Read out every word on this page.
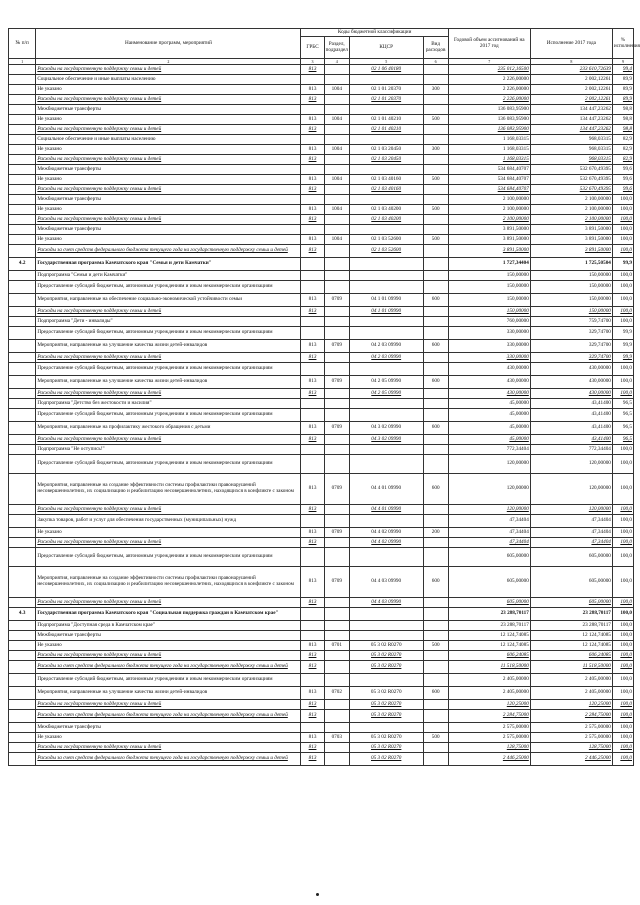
№ п/п	Наименование программ, мероприятий	Коды бюджетной классификации				Годовой объем ассигнований на 2017 год	Исполнение 2017 года	% исполнения
		ГРБС	Раздел, подраздел	КЦСР	Вид расходов			
1	2	3	4	5	6	7	8	9
	Расходы на государственную поддержку семьи и детей	813		02 1 06 40180		235 012,16500	233 610,72639	99,4
	Социальное обеспечение и иные выплаты населению					2 226,00000	2 002,12261	89,9
	Не указано	813	1004	02 1 01 20370	300	2 226,00000	2 002,12261	89,9
	Расходы на государственную поддержку семьи и детей	813		02 1 01 20370		2 226,00000	2 002,12261	89,9
	Межбюджетные трансферты					136 083,95900	134 447,23262	98,8
	Не указано	813	1004	02 1 01 40210	500	136 083,95900	134 447,23262	98,8
	Расходы на государственную поддержку семьи и детей	813		02 1 01 40210		136 083,95900	134 447,23262	98,8
	Социальное обеспечение и иные выплаты населению					1 168,03315	968,03315	82,9
	Не указано	813	1004	02 1 03 20450	300	1 168,03315	968,03315	82,9
	Расходы на государственную поддержку семьи и детей	813		02 1 03 20450		1 168,03315	968,03315	82,9
	Межбюджетные трансферты					534 684,40707	532 670,49395	99,6
	Не указано	813	1004	02 1 03 40160	500	534 684,40707	532 670,49395	99,6
	Расходы на государственную поддержку семьи и детей	813		02 1 03 40160		534 684,40707	532 670,49395	99,6
	Межбюджетные трансферты					2 100,00000	2 100,00000	100,0
	Не указано	813	1004	02 1 03 40200	500	2 100,00000	2 100,00000	100,0
	Расходы на государственную поддержку семьи и детей	813		02 1 03 40200		2 100,00000	2 100,00000	100,0
	Межбюджетные трансферты					3 891,50000	3 891,50000	100,0
	Не указано	813	1004	02 1 03 52600	500	3 891,50000	3 891,50000	100,0
	Расходы за счет средств федерального бюджета текущего года на государственную поддержку семьи и детей	813		02 1 03 52600		3 891,50000	3 891,50000	100,0
4.2	Государственная программа Камчатского края "Семья и дети Камчатки"					1 727,34404	1 725,50504	99,9
	Подпрограмма "Семья и дети Камчатки"					150,00000	150,00000	100,0
	Предоставление субсидий бюджетным, автономным учреждениям и иным некоммерческим организациям					150,00000	150,00000	100,0
	Мероприятия, направленные на обеспечение социально-экономической устойчивости семьи	813	0709	04 1 01 09990	600	150,00000	150,00000	100,0
	Расходы на государственную поддержку семьи и детей	813		04 1 01 09990		150,00000	150,00000	100,0
	Подпрограмма "Дети - инвалиды"					760,00000	759,74700	100,0
	Предоставление субсидий бюджетным, автономным учреждениям и иным некоммерческим организациям					330,00000	329,74700	99,9
	Мероприятия, направленные на улучшение качества жизни детей-инвалидов	813	0709	04 2 03 09990	600	330,00000	329,74700	99,9
	Расходы на государственную поддержку семьи и детей	813		04 2 03 09990		330,00000	329,74700	99,9
	Предоставление субсидий бюджетным, автономным учреждениям и иным некоммерческим организациям					430,00000	430,00000	100,0
	Мероприятия, направленные на улучшение качества жизни детей-инвалидов	813	0709	04 2 05 09990	600	430,00000	430,00000	100,0
	Расходы на государственную поддержку семьи и детей	813		04 2 05 09990		430,00000	430,00000	100,0
	Подпрограмма "Детство без жестокости и насилия"					45,00000	43,41400	96,5
	Предоставление субсидий бюджетным, автономным учреждениям и иным некоммерческим организациям					45,00000	43,41400	96,5
	Мероприятия, направленные на профилактику жестокого обращения с детьми	813	0709	04 3 02 09990	600	45,00000	43,41400	96,5
	Расходы на государственную поддержку семьи и детей	813		04 3 02 09990		45,00000	43,41400	96,5
	Подпрограмма "Не оступись!"					772,34404	772,34404	100,0
	Предоставление субсидий бюджетным, автономным учреждениям и иным некоммерческим организациям					120,00000	120,00000	100,0
	Мероприятия, направленные на создание эффективности системы профилактики правонарушений несовершеннолетних, их социализацию и реабилитацию несовершеннолетних, находящихся в конфликте с законом	813	0709	04 4 01 09990	600	120,00000	120,00000	100,0
	Расходы на государственную поддержку семьи и детей	813		04 4 01 09990		120,00000	120,00000	100,0
	Закупка товаров, работ и услуг для обеспечения государственных (муниципальных) нужд					47,34404	47,34404	100,0
	Не указано	813	0709	04 4 02 09990	200	47,34404	47,34404	100,0
	Расходы на государственную поддержку семьи и детей	813		04 4 02 09990		47,34404	47,34404	100,0
	Предоставление субсидий бюджетным, автономным учреждениям и иным некоммерческим организациям					605,00000	605,00000	100,0
	Мероприятия, направленные на создание эффективности системы профилактики правонарушений несовершеннолетних, их социализацию и реабилитацию несовершеннолетних, находящихся в конфликте с законом	813	0709	04 4 03 09990	600	605,00000	605,00000	100,0
	Расходы на государственную поддержку семьи и детей	813		04 4 03 09990		605,00000	605,00000	100,0
4.3	Государственная программа Камчатского края "Социальная поддержка граждан в Камчатском крае"					23 288,70117	23 288,70117	100,0
	Подпрограмма "Доступная среда в Камчатском крае"					23 288,70117	23 288,70117	100,0
	Межбюджетные трансферты					12 124,74085	12 124,74085	100,0
	Не указано	813	0701	05 3 02 R0270	500	12 124,74085	12 124,74085	100,0
	Расходы на государственную поддержку семьи и детей	813		05 3 02 R0270		606,24085	606,24085	100,0
	Расходы за счет средств федерального бюджета текущего года на государственную поддержку семьи и детей	813		05 3 02 R0270		11 518,50000	11 518,50000	100,0
	Предоставление субсидий бюджетным, автономным учреждениям и иным некоммерческим организациям					2 405,00000	2 405,00000	100,0
	Мероприятия, направленные на улучшение качества жизни детей-инвалидов	813	0702	05 3 02 R0270	600	2 405,00000	2 405,00000	100,0
	Расходы на государственную поддержку семьи и детей	813		05 3 02 R0270		120,25000	120,25000	100,0
	Расходы за счет средств федерального бюджета текущего года на государственную поддержку семьи и детей	813		05 3 02 R0270		2 284,75000	2 284,75000	100,0
	Межбюджетные трансферты					2 575,00000	2 575,00000	100,0
	Не указано	813	0703	05 3 02 R0270	500	2 575,00000	2 575,00000	100,0
	Расходы на государственную поддержку семьи и детей	813		05 3 02 R0270		128,75000	128,75000	100,0
	Расходы за счет средств федерального бюджета текущего года на государственную поддержку семьи и детей	813		05 3 02 R0270		2 446,25000	2 446,25000	100,0
